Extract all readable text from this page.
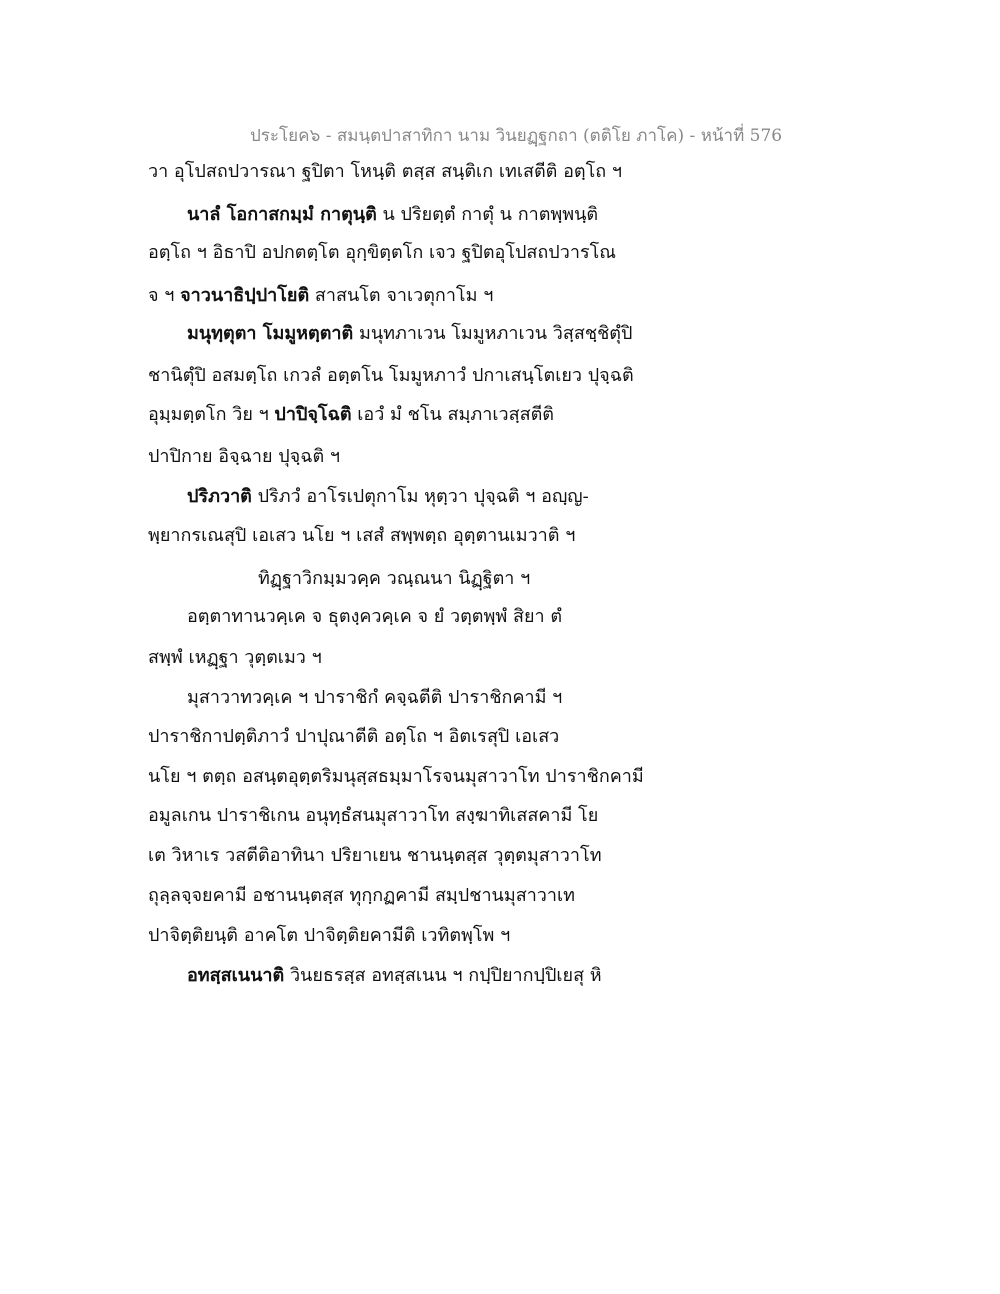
ประโยค๖ - สมนฺตปาสาทิกา นาม วินยฏฺฐกถา (ตติโย ภาโค) - หน้าที่ 576
วา อุโปสถปวารณา ฐปิตา โหนฺติ ตสฺส สนฺติเก เทเสตีติ อตฺโถ ฯ
นาลํ โอกาสกมฺมํ กาตุนฺติ น ปริยตฺตํ กาตุํ น กาตพฺพนฺติ
อตฺโถ ฯ อิธาปิ อปกตตฺโต อุกฺขิตฺตโก เจว ฐปิตอุโปสถปวารโณ
จ ฯ จาวนาธิปฺปาโยติ สาสนโต จาเวตุกาโม ฯ
มนุทฺตุตา โมมูหตฺตาติ มนุทภาเวน โมมูหภาเวน วิสฺสชฺชิตุํปิ
ชานิตุํปิ อสมตฺโถ เกวลํ อตฺตโน โมมูหภาวํ ปกาเสนฺโตเยว ปุจฺฉติ
อุมฺมตฺตโก วิย ฯ ปาปิจฺโฉติ เอวํ มํ ชโน สมฺภาเวสฺสตีติ
ปาปิกาย อิจฺฉาย ปุจฺฉติ ฯ
ปริภวาติ ปริภวํ อาโรเปตุกาโม หุตฺวา ปุจฺฉติ ฯ อญฺญ-
พฺยากรเณสุปิ เอเสว นโย ฯ เสสํ สพฺพตฺถ อุตฺตานเมวาติ ฯ
ทิฏฺฐาวิกมฺมวคฺค วณฺณนา นิฏฺฐิตา ฯ
อตฺตาทานวคฺเค จ ธุตงฺควคฺเค จ ยํ วตฺตพฺพํ สิยา ตํ
สพฺพํ เหฏฺฐา วุตฺตเมว ฯ
มุสาวาทวคฺเค ฯ ปาราชิกํ คจฺฉตีติ ปาราชิกคามี ฯ
ปาราชิกาปตฺติภาวํ ปาปุณาตีติ อตฺโถ ฯ อิตเรสุปิ เอเสว
นโย ฯ ตตฺถ อสนฺตอุตฺตริมนุสฺสธมฺมาโรจนมุสาวาโท ปาราชิกคามี
อมูลเกน ปาราชิเกน อนุทฺธํสนมุสาวาโท สงฺฆาทิเสสคามี โย
เต วิหาเร วสตีติอาทินา ปริยาเยน ชานนฺตสฺส วุตฺตมุสาวาโท
ถุลฺลจฺจยคามี อชานนฺตสฺส ทุกฺกฏคามี สมฺปชานมุสาวาเท
ปาจิตฺติยนฺติ อาคโต ปาจิตฺติยคามีติ เวทิตพฺโพ ฯ
อทสฺสเนนาติ วินยธรสฺส อทสฺสเนน ฯ กปฺปิยากปฺปิเยสุ หิ
